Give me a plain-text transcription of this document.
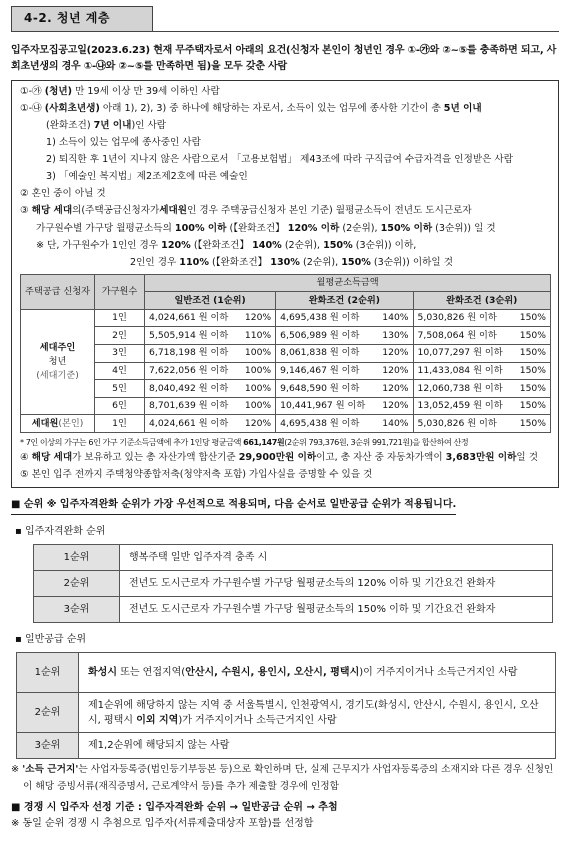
4-2. 청년 계층
입주자모집공고일(2023.6.23) 현재 무주택자로서 아래의 요건(신청자 본인이 청년인 경우 ①-㉮와 ②~⑤를 충족하면 되고, 사회초년생의 경우 ①-㉯와 ②~⑤를 만족하면 됨)을 모두 갖춘 사람
①-㉮ (청년) 만 19세 이상 만 39세 이하인 사람
①-㉯ (사회초년생) 아래 1), 2), 3) 중 하나에 해당하는 자로서, 소득이 있는 업무에 종사한 기간이 총 5년 이내
(완화조건) 7년 이내)인 사람
1) 소득이 있는 업무에 종사중인 사람
2) 퇴직한 후 1년이 지나지 않은 사람으로서 「고용보험법」 제43조에 따라 구직급여 수급자격을 인정받은 사람
3) 「예술인 복지법」제2조제2호에 따른 예술인
② 혼인 중이 아닐 것
③ 해당 세대의(주택공급신청자가세대원인 경우 주택공급신청자 본인 기준) 월평균소득이 전년도 도시근로자
가구원수별 가구당 월평균소득의 100% 이하 (【완화조건】 120% 이하 (2순위), 150% 이하 (3순위)) 일 것
※ 단, 가구원수가 1인인 경우 120% (【완화조건】 140% (2순위), 150% (3순위)) 이하,
2인인 경우 110% (【완화조건】 130% (2순위), 150% (3순위)) 이하일 것
주택공급 신청자	가구원수	월평균소득금액					
		일반조건 (1순위)		완화조건 (2순위)		완화조건 (3순위)	
세대주인
청년
(세대기준)	1인	4,024,661 원 이하	120%	4,695,438 원 이하	140%	5,030,826 원 이하	150%
	2인	5,505,914 원 이하	110%	6,506,989 원 이하	130%	7,508,064 원 이하	150%
	3인	6,718,198 원 이하	100%	8,061,838 원 이하	120%	10,077,297 원 이하	150%
	4인	7,622,056 원 이하	100%	9,146,467 원 이하	120%	11,433,084 원 이하	150%
	5인	8,040,492 원 이하	100%	9,648,590 원 이하	120%	12,060,738 원 이하	150%
	6인	8,701,639 원 이하	100%	10,441,967 원 이하	120%	13,052,459 원 이하	150%
세대원(본인)	1인	4,024,661 원 이하	120%	4,695,438 원 이하	140%	5,030,826 원 이하	150%
* 7인 이상의 가구는 6인 가구 기준소득금액에 추가 1인당 평균금액 661,147원(2순위 793,376원, 3순위 991,721원)을 합산하여 산정
④ 해당 세대가 보유하고 있는 총 자산가액 합산기준 29,900만원 이하이고, 총 자산 중 자동차가액이 3,683만원 이하일 것
⑤ 본인 입주 전까지 주택청약종합저축(청약저축 포함) 가입사실을 증명할 수 있을 것
■ 순위 ※ 입주자격완화 순위가 가장 우선적으로 적용되며, 다음 순서로 일반공급 순위가 적용됩니다.
▪ 입주자격완화 순위
1순위	행복주택 일반 입주자격 충족 시
2순위	전년도 도시근로자 가구원수별 가구당 월평균소득의 120% 이하 및 기간요건 완화자
3순위	전년도 도시근로자 가구원수별 가구당 월평균소득의 150% 이하 및 기간요건 완화자
▪ 일반공급 순위
1순위	화성시 또는 연접지역(안산시, 수원시, 용인시, 오산시, 평택시)이 거주지이거나 소득근거지인 사람
2순위	제1순위에 해당하지 않는 지역 중 서울특별시, 인천광역시, 경기도(화성시, 안산시, 수원시, 용인시, 오산시, 평택시 이외 지역)가 거주지이거나 소득근거지인 사람
3순위	제1,2순위에 해당되지 않는 사람
※ '소득 근거지'는 사업자등록증(법인등기부등본 등)으로 확인하며 단, 실제 근무지가 사업자등록증의 소재지와 다른 경우 신청인이 해당 증빙서류(재직증명서, 근로계약서 등)를 추가 제출할 경우에 인정함
■ 경쟁 시 입주자 선정 기준 : 입주자격완화 순위 → 일반공급 순위 → 추첨
※ 동일 순위 경쟁 시 추첨으로 입주자(서류제출대상자 포함)를 선정함
